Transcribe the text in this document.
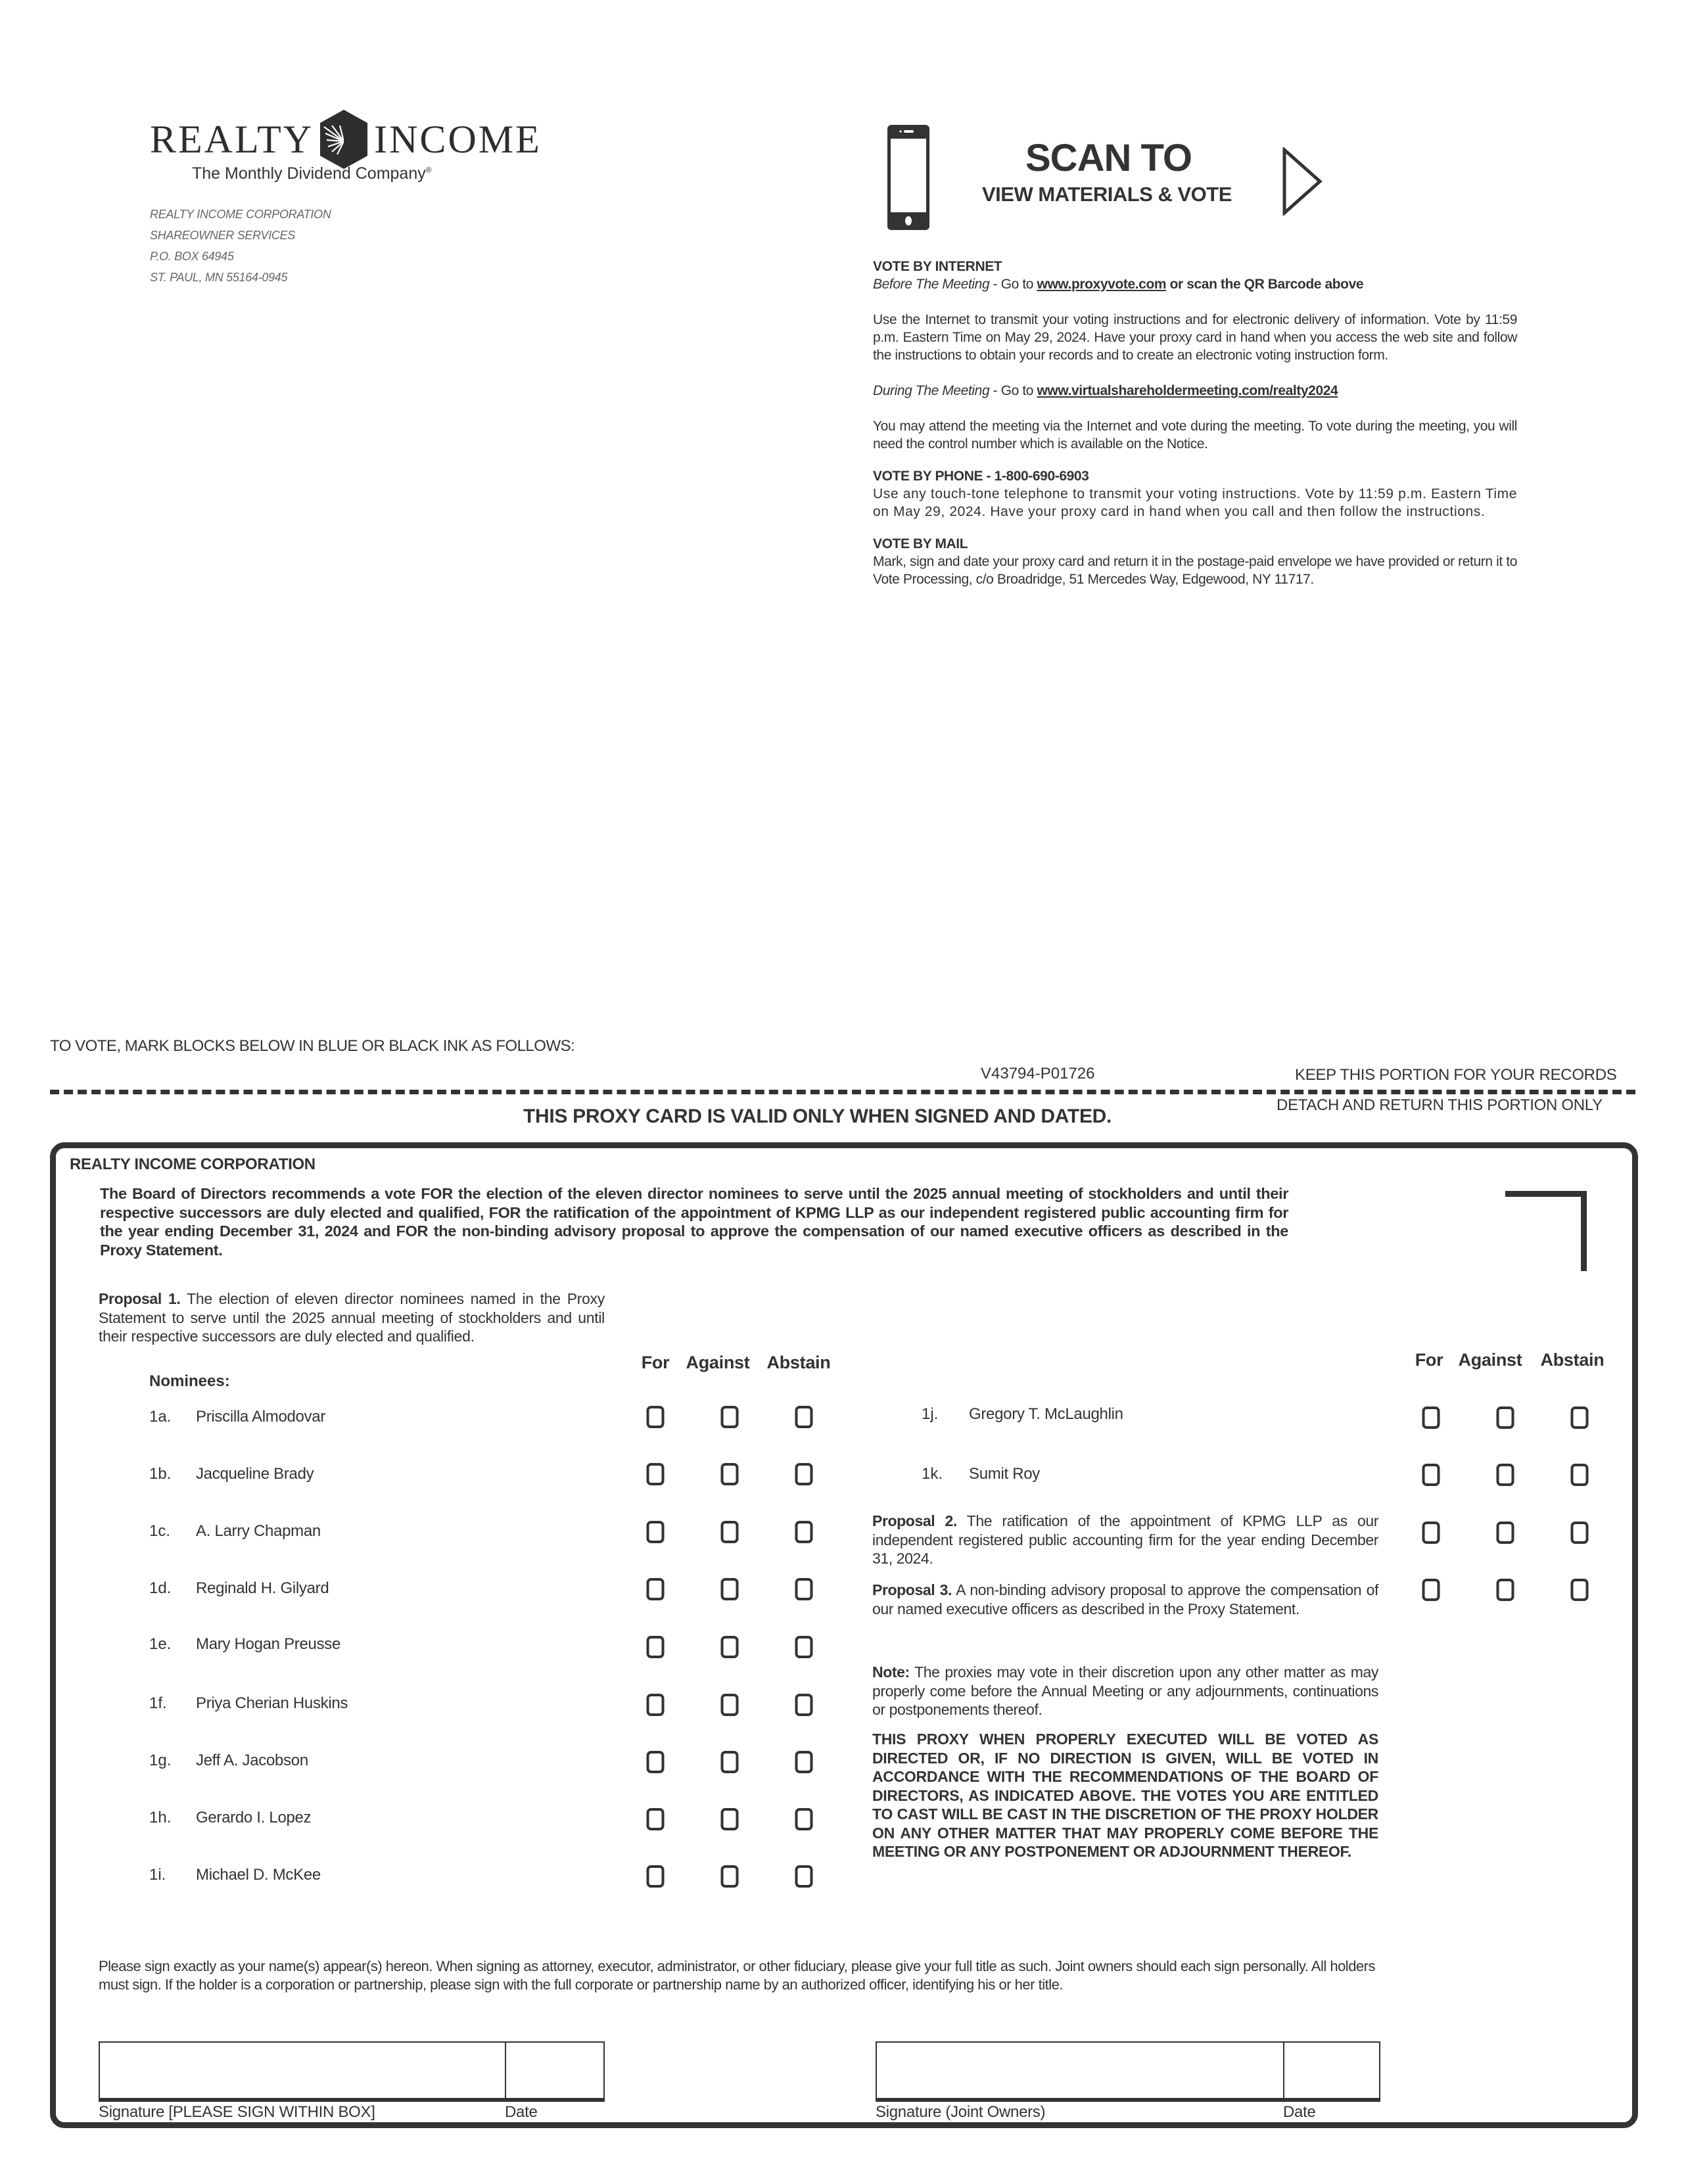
REALTY INCOME
The Monthly Dividend Company®
REALTY INCOME CORPORATION
SHAREOWNER SERVICES
P.O. BOX 64945
ST. PAUL, MN 55164-0945
SCAN TO
VIEW MATERIALS & VOTE
VOTE BY INTERNET
Before The Meeting - Go to www.proxyvote.com or scan the QR Barcode above
Use the Internet to transmit your voting instructions and for electronic delivery of information. Vote by 11:59 p.m. Eastern Time on May 29, 2024. Have your proxy card in hand when you access the web site and follow the instructions to obtain your records and to create an electronic voting instruction form.
During The Meeting - Go to www.virtualshareholdermeeting.com/realty2024
You may attend the meeting via the Internet and vote during the meeting. To vote during the meeting, you will need the control number which is available on the Notice.
VOTE BY PHONE - 1-800-690-6903
Use any touch-tone telephone to transmit your voting instructions. Vote by 11:59 p.m. Eastern Time on May 29, 2024. Have your proxy card in hand when you call and then follow the instructions.
VOTE BY MAIL
Mark, sign and date your proxy card and return it in the postage-paid envelope we have provided or return it to Vote Processing, c/o Broadridge, 51 Mercedes Way, Edgewood, NY 11717.
TO VOTE, MARK BLOCKS BELOW IN BLUE OR BLACK INK AS FOLLOWS:
V43794-P01726	KEEP THIS PORTION FOR YOUR RECORDS
DETACH AND RETURN THIS PORTION ONLY
THIS PROXY CARD IS VALID ONLY WHEN SIGNED AND DATED.
REALTY INCOME CORPORATION
The Board of Directors recommends a vote FOR the election of the eleven director nominees to serve until the 2025 annual meeting of stockholders and until their respective successors are duly elected and qualified, FOR the ratification of the appointment of KPMG LLP as our independent registered public accounting firm for the year ending December 31, 2024 and FOR the non-binding advisory proposal to approve the compensation of our named executive officers as described in the Proxy Statement.
Proposal 1. The election of eleven director nominees named in the Proxy Statement to serve until the 2025 annual meeting of stockholders and until their respective successors are duly elected and qualified.
Nominees:
For Against Abstain	For Against Abstain
1a. Priscilla Almodovar
1b. Jacqueline Brady
1c. A. Larry Chapman
1d. Reginald H. Gilyard
1e. Mary Hogan Preusse
1f. Priya Cherian Huskins
1g. Jeff A. Jacobson
1h. Gerardo I. Lopez
1i. Michael D. McKee
1j. Gregory T. McLaughlin
1k. Sumit Roy
Proposal 2. The ratification of the appointment of KPMG LLP as our independent registered public accounting firm for the year ending December 31, 2024.
Proposal 3. A non-binding advisory proposal to approve the compensation of our named executive officers as described in the Proxy Statement.
Note: The proxies may vote in their discretion upon any other matter as may properly come before the Annual Meeting or any adjournments, continuations or postponements thereof.
THIS PROXY WHEN PROPERLY EXECUTED WILL BE VOTED AS DIRECTED OR, IF NO DIRECTION IS GIVEN, WILL BE VOTED IN ACCORDANCE WITH THE RECOMMENDATIONS OF THE BOARD OF DIRECTORS, AS INDICATED ABOVE. THE VOTES YOU ARE ENTITLED TO CAST WILL BE CAST IN THE DISCRETION OF THE PROXY HOLDER ON ANY OTHER MATTER THAT MAY PROPERLY COME BEFORE THE MEETING OR ANY POSTPONEMENT OR ADJOURNMENT THEREOF.
Please sign exactly as your name(s) appear(s) hereon. When signing as attorney, executor, administrator, or other fiduciary, please give your full title as such. Joint owners should each sign personally. All holders must sign. If the holder is a corporation or partnership, please sign with the full corporate or partnership name by an authorized officer, identifying his or her title.
Signature [PLEASE SIGN WITHIN BOX]	Date	Signature (Joint Owners)	Date
